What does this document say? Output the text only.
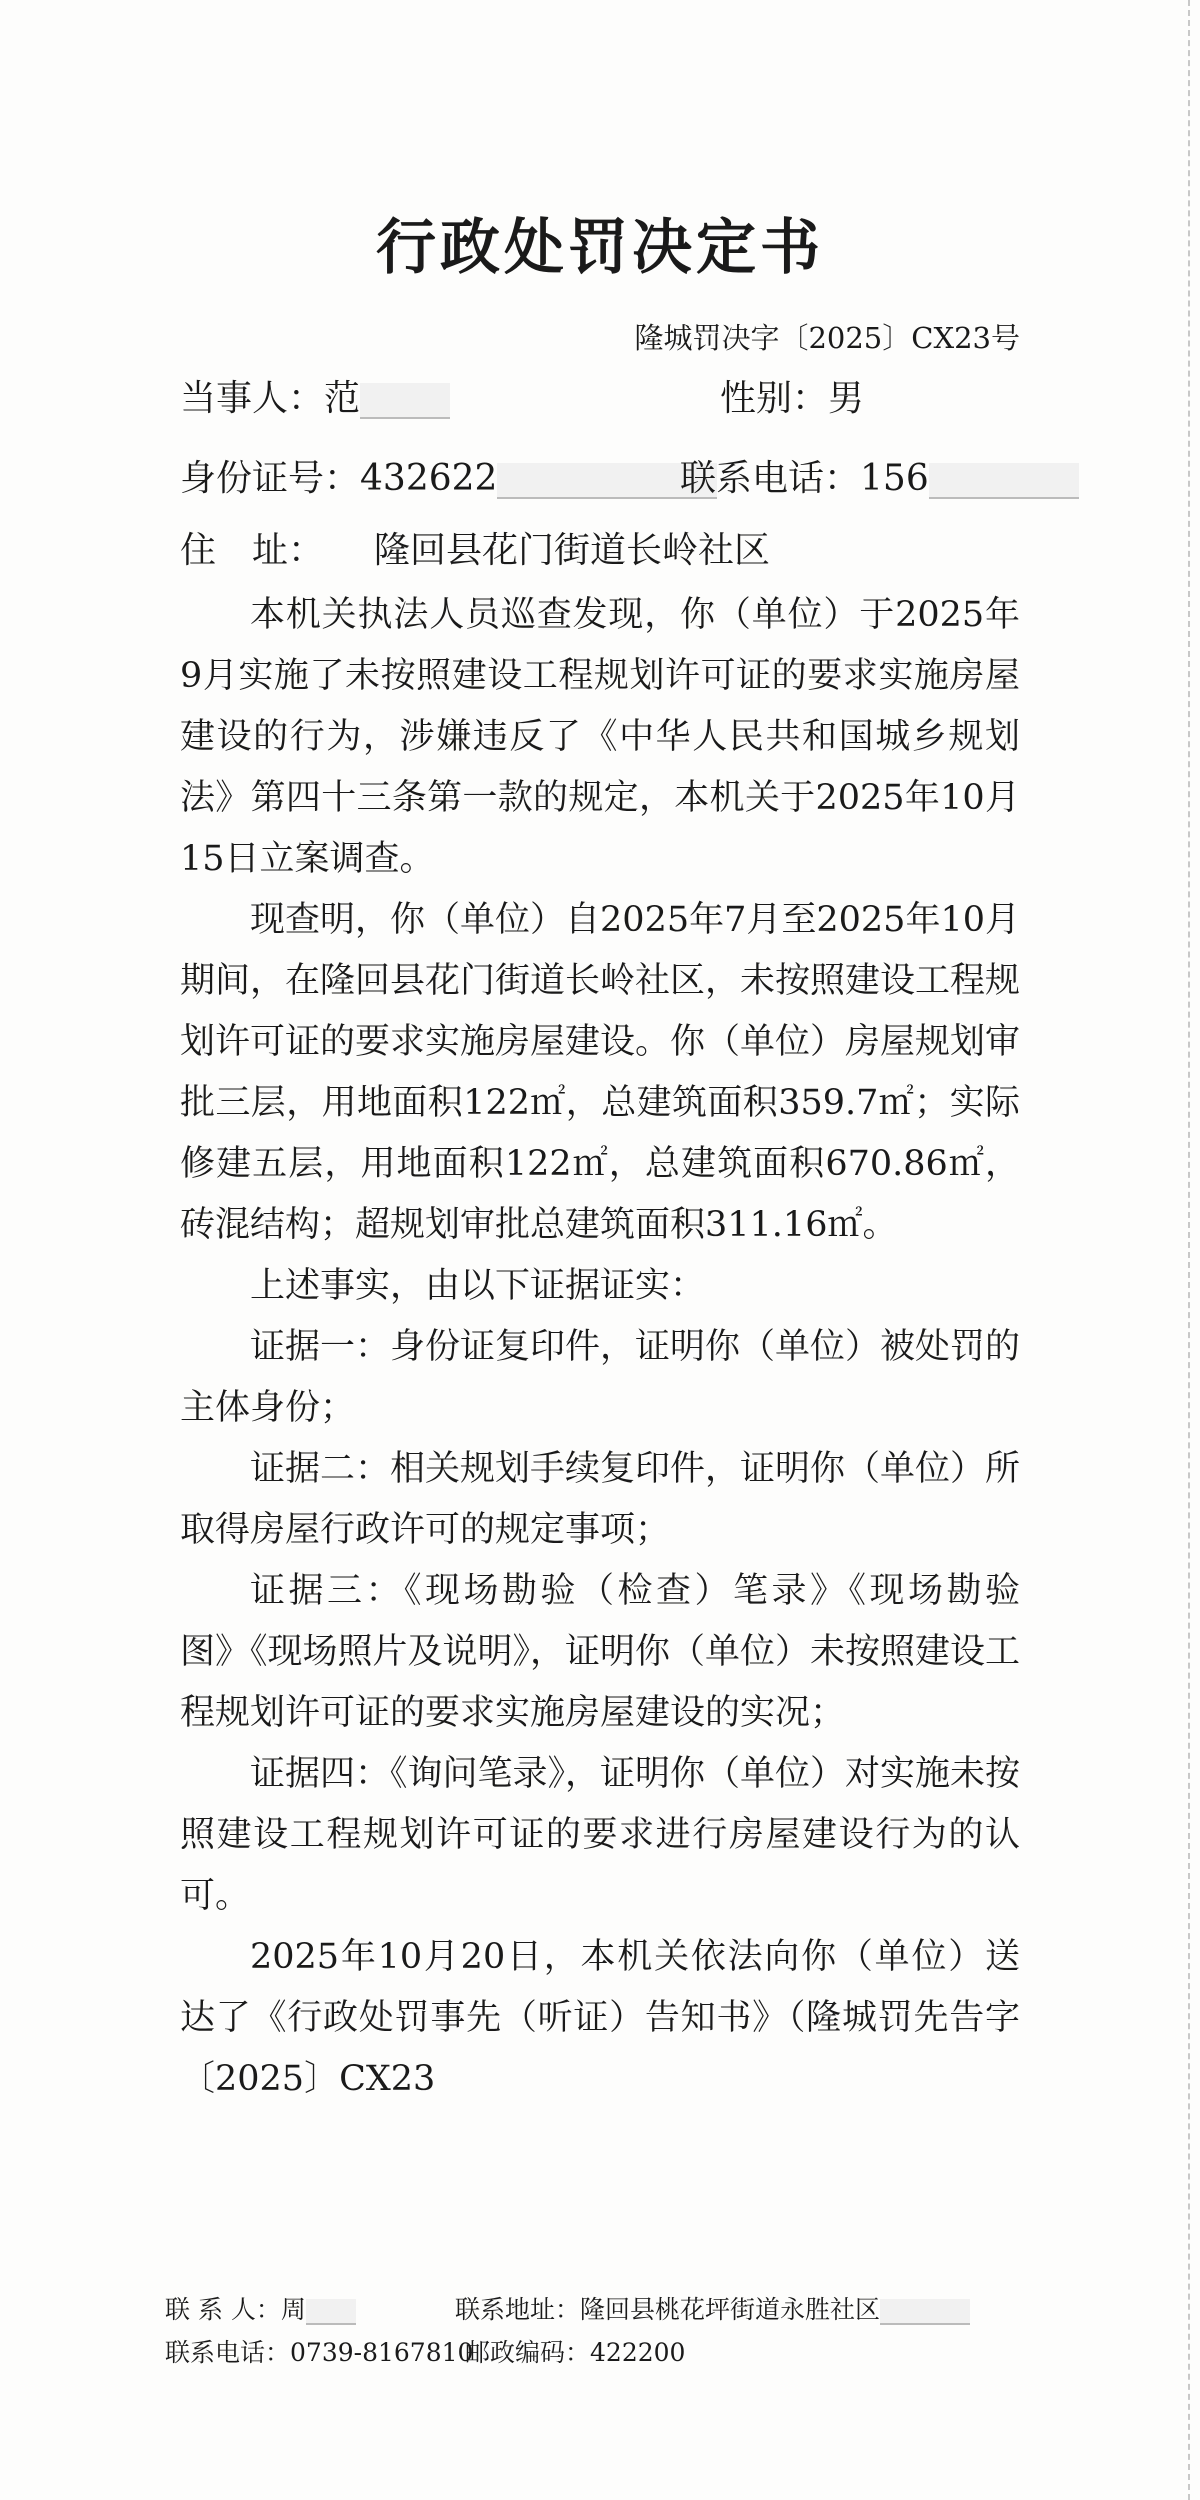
行政处罚决定书
隆城罚决字〔2025〕CX23号
当事人：范	性别：男
身份证号：432622	联系电话：156
住　址： 隆回县花门街道长岭社区

本机关执法人员巡查发现，你（单位）于2025年9月实施了未按照建设工程规划许可证的要求实施房屋建设的行为，涉嫌违反了《中华人民共和国城乡规划法》第四十三条第一款的规定，本机关于2025年10月15日立案调查。

现查明，你（单位）自2025年7月至2025年10月期间，在隆回县花门街道长岭社区，未按照建设工程规划许可证的要求实施房屋建设。你（单位）房屋规划审批三层，用地面积122㎡，总建筑面积359.7㎡；实际修建五层，用地面积122㎡，总建筑面积670.86㎡，砖混结构；超规划审批总建筑面积311.16㎡。

上述事实，由以下证据证实：

证据一：身份证复印件，证明你（单位）被处罚的主体身份；

证据二：相关规划手续复印件，证明你（单位）所取得房屋行政许可的规定事项；

证据三：《现场勘验（检查）笔录》《现场勘验图》《现场照片及说明》，证明你（单位）未按照建设工程规划许可证的要求实施房屋建设的实况；

证据四：《询问笔录》，证明你（单位）对实施未按照建设工程规划许可证的要求进行房屋建设行为的认可。

2025年10月20日，本机关依法向你（单位）送达了《行政处罚事先（听证）告知书》（隆城罚先告字〔2025〕CX23

联 系 人：周	联系地址：隆回县桃花坪街道永胜社区
联系电话：0739-8167810
邮政编码：422200
